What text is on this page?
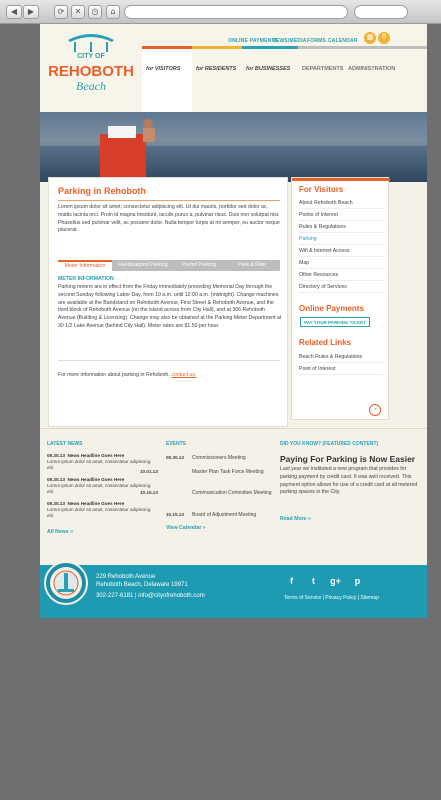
◀	▶	⟳	✕	◷	⌂
CITY OF
REHOBOTH
Beach
ONLINE PAYMENTS
NEWS/MEDIA FORMS CALENDAR	▦	⚲
for VISITORS	for RESIDENTS for BUSINESSES DEPARTMENTS ADMINISTRATION
Parking in Rehoboth

Lorem ipsum dolor sit amet, consectetur adipiscing elit. Ut dui mauris, porttitor sed dolor ac, mattis lacinia orci. Proin id magna tincidunt, iaculis purus a, pulvinar risus. Duis non volutpat nisi. Phasellus sed pulvinar velit, ac posuere dolor. Nulla tempor turpis at mi semper, eu auctor neque placerat.

Meter Information	Handicapped Parking	Permit Parking	Park & Ride
METER INFORMATION

Parking meters are in effect from the Friday immediately preceding Memorial Day through the second Sunday following Labor Day, from 10 a.m. until 12:00 a.m. (midnight). Change machines are available at the Bandstand on Rehoboth Avenue, First Street & Rehoboth Avenue, and the third block of Rehoboth Avenue (on the island across from City Hall), and at 306 Rehoboth Avenue (Building & Licensing). Change may also be obtained at the Parking Meter Department at 30 1/2 Lake Avenue (behind City Hall). Meter rates are $1.50 per hour.

For more information about parking in Rehoboth, contact us.

For Visitors
About Rehoboth Beach
Points of Interest
Rules & Regulations
Parking
Wifi & Internet Access
Map
Other Resources
Directory of Services
Online Payments
PAY YOUR PARKING TICKET
Related Links
Beach Rules & Regulations
Point of Interest
◔
LATEST NEWS
09.30.13 News Headline Goes Here
Lorem ipsum dolor sit amet, consectetur adipiscing elit.
09.30.13 News Headline Goes Here
Lorem ipsum dolor sit amet, consectetur adipiscing elit.
09.30.13 News Headline Goes Here
Lorem ipsum dolor sit amet, consectetur adipiscing elit.
All News »
EVENTS
09.30.13 Commissioners Meeting
10.01.13	Master Plan Task Force Meeting
10.15.13	Communication Committee Meeting
10.15.13 Board of Adjustment Meeting
View Calendar »
DID YOU KNOW? (FEATURED CONTENT)
Paying For Parking is Now Easier

Last year we instituted a new program that provides for parking payment by credit card. It was well received. This payment option allows for use of a credit card at all metered parking spaces in the City.

Read More »
229 Rehoboth Avenue
Rehoboth Beach, Delaware 19971
302-227-6181 | info@cityofrehoboth.com
f	t	g+	p
Terms of Service | Privacy Policy | Sitemap
